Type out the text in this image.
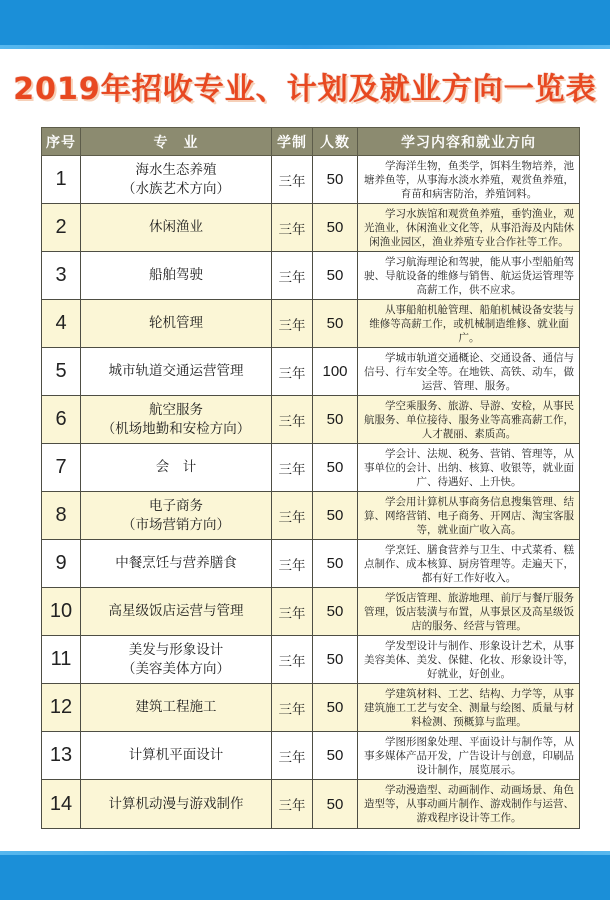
2019年招收专业、计划及就业方向一览表
序号	专　业	学制	人数	学习内容和就业方向
1	海水生态养殖
（水族艺术方向）	三年	50	学海洋生物，鱼类学，饵料生物培养，池塘养鱼等，从事海水淡水养殖，观赏鱼养殖，育苗和病害防治，养殖饲料。
2	休闲渔业	三年	50	学习水族馆和观赏鱼养殖，垂钓渔业，观光渔业，休闲渔业文化等，从事沿海及内陆休闲渔业园区，渔业养殖专业合作社等工作。
3	船舶驾驶	三年	50	学习航海理论和驾驶，能从事小型船舶驾驶、导航设备的维修与销售、航运货运管理等高薪工作，供不应求。
4	轮机管理	三年	50	从事船舶机舱管理、船舶机械设备安装与维修等高薪工作，或机械制造维修、就业面广。
5	城市轨道交通运营管理	三年	100	学城市轨道交通概论、交通设备、通信与信号、行车安全等。在地铁、高铁、动车，做运营、管理、服务。
6	航空服务
（机场地勤和安检方向）	三年	50	学空乘服务、旅游、导游、安检，从事民航服务、单位接待、服务业等高雅高薪工作，人才靓丽、素质高。
7	会　计	三年	50	学会计、法规、税务、营销、管理等，从事单位的会计、出纳、核算、收银等，就业面广、待遇好、上升快。
8	电子商务
（市场营销方向）	三年	50	学会用计算机从事商务信息搜集管理、结算、网络营销、电子商务、开网店、淘宝客服等，就业面广收入高。
9	中餐烹饪与营养膳食	三年	50	学烹饪、膳食营养与卫生、中式菜肴、糕点制作、成本核算、厨房管理等。走遍天下，都有好工作好收入。
10	高星级饭店运营与管理	三年	50	学饭店管理、旅游地理、前厅与餐厅服务管理，饭店装潢与布置，从事景区及高星级饭店的服务、经营与管理。
11	美发与形象设计
（美容美体方向）	三年	50	学发型设计与制作、形象设计艺术，从事美容美体、美发、保健、化妆、形象设计等，好就业，好创业。
12	建筑工程施工	三年	50	学建筑材料、工艺、结构、力学等，从事建筑施工工艺与安全、测量与绘图、质量与材料检测、预概算与监理。
13	计算机平面设计	三年	50	学图形图象处理、平面设计与制作等，从事多媒体产品开发，广告设计与创意，印刷品设计制作，展览展示。
14	计算机动漫与游戏制作	三年	50	学动漫造型、动画制作、动画场景、角色造型等，从事动画片制作、游戏制作与运营、游戏程序设计等工作。
